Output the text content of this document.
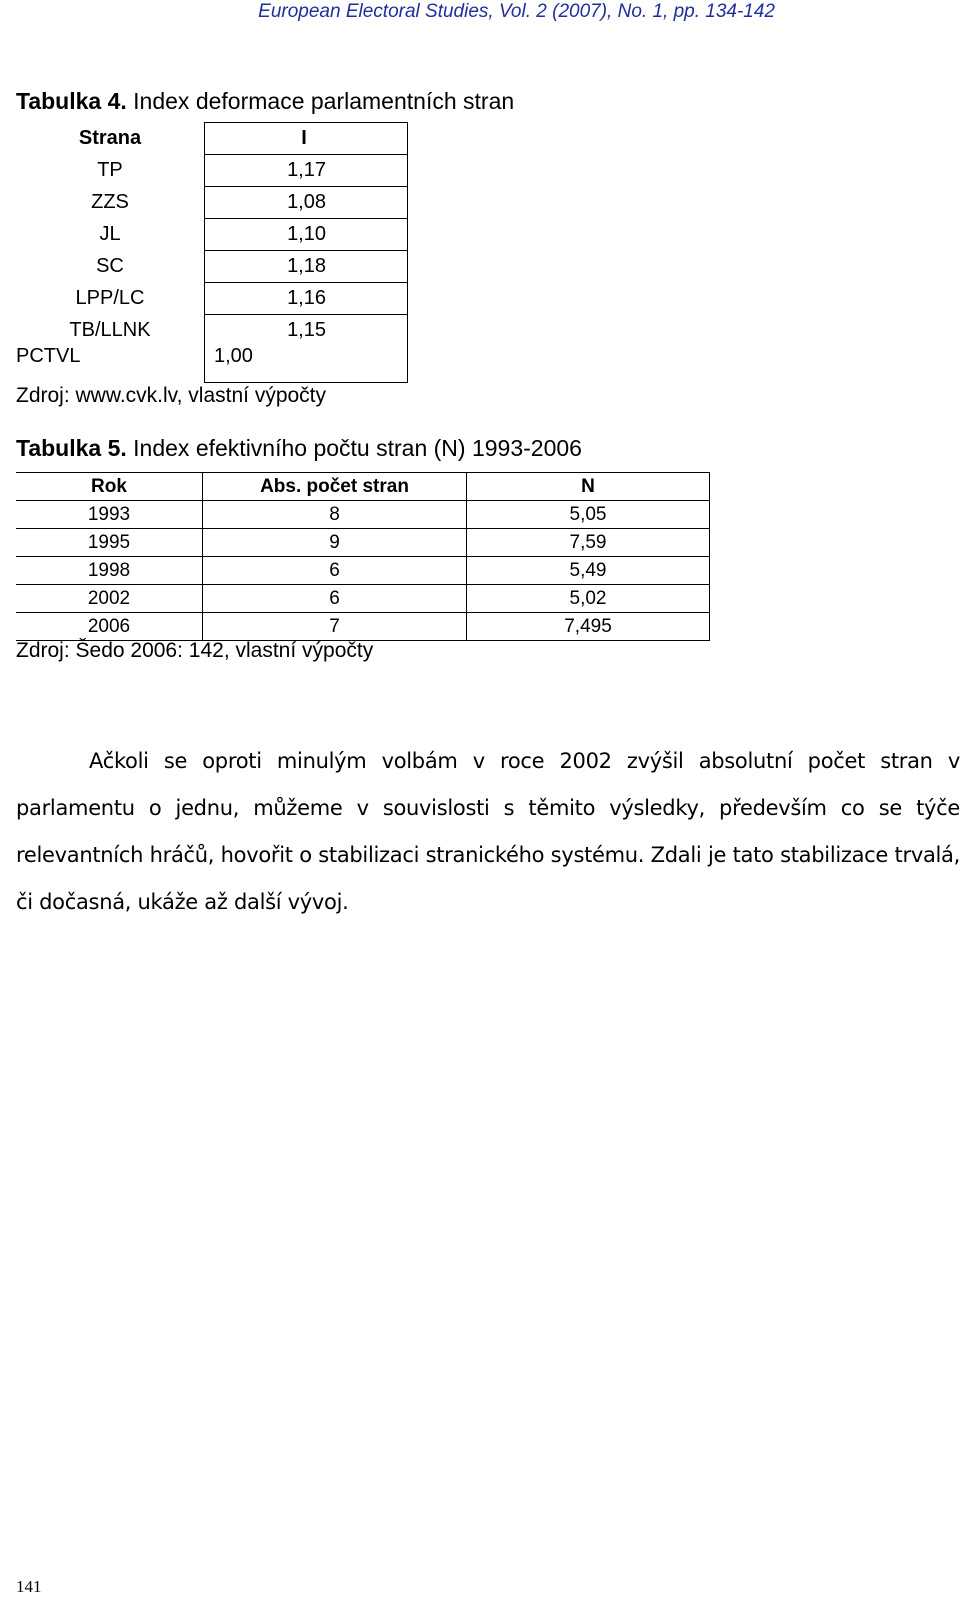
European Electoral Studies, Vol. 2 (2007), No. 1, pp. 134-142
Tabulka 4. Index deformace parlamentních stran
Strana	I
TP	1,17
ZZS	1,08
JL	1,10
SC	1,18
LPP/LC	1,16
TB/LLNK	1,15
PCTVL	1,00
Zdroj: www.cvk.lv, vlastní výpočty
Tabulka 5. Index efektivního počtu stran (N) 1993-2006
Rok	Abs. počet stran	N
1993	8	5,05
1995	9	7,59
1998	6	5,49
2002	6	5,02
2006	7	7,495
Zdroj: Šedo 2006: 142, vlastní výpočty
Ačkoli se oproti minulým volbám v roce 2002 zvýšil absolutní počet stran v parlamentu o jednu, můžeme v souvislosti s těmito výsledky, především co se týče relevantních hráčů, hovořit o stabilizaci stranického systému. Zdali je tato stabilizace trvalá, či dočasná, ukáže až další vývoj.
141
